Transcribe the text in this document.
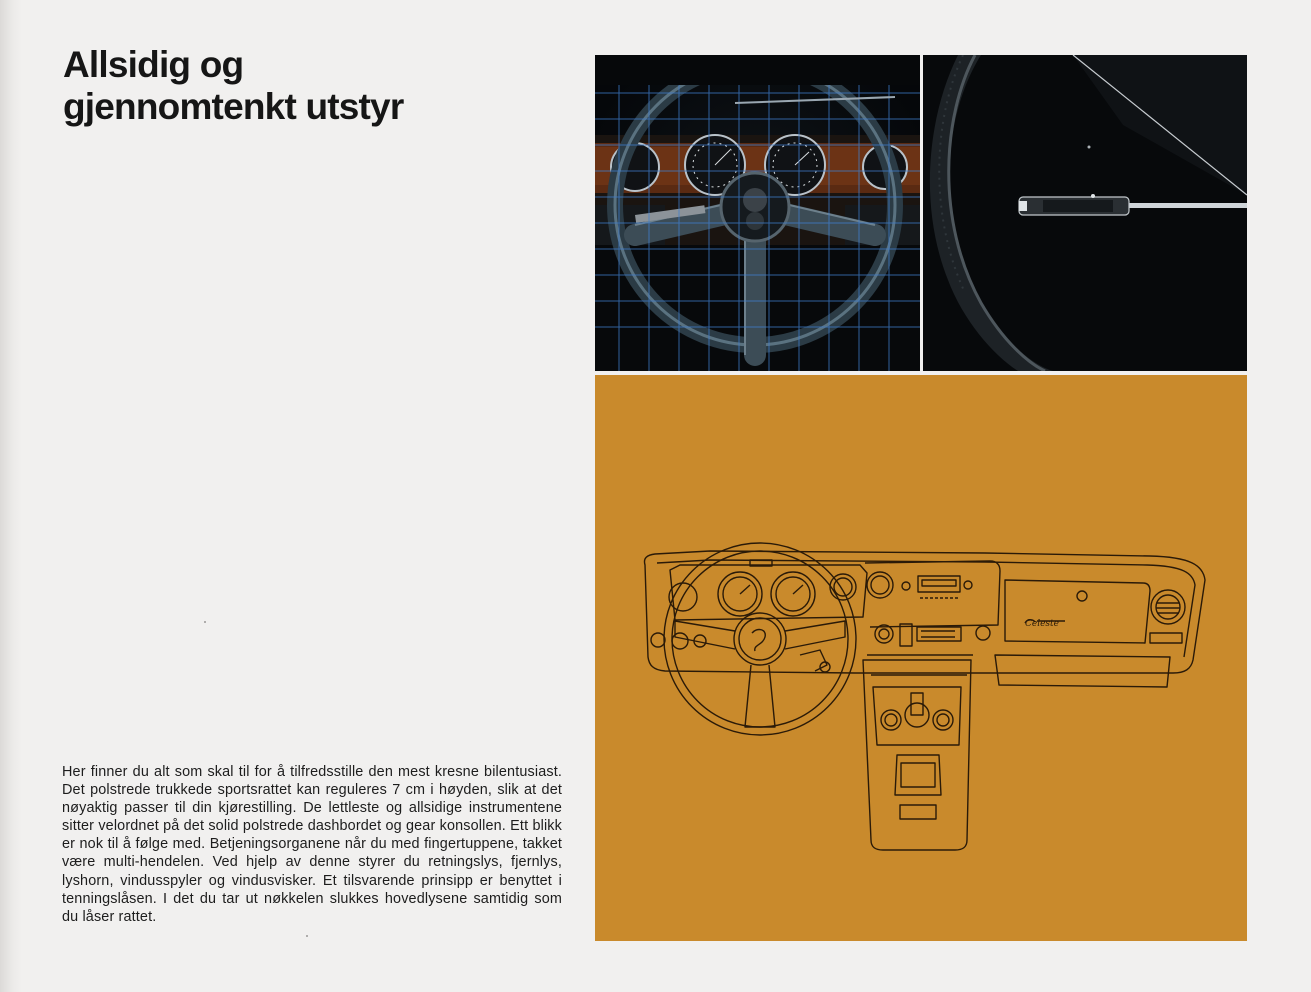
Allsidig og
gjennomtenkt utstyr

Her finner du alt som skal til for å tilfredsstille den mest kresne bilentusiast. Det polstrede trukkede sportsrattet kan reguleres 7 cm i høyden, slik at det nøyaktig passer til din kjørestilling. De lettleste og allsidige instrumentene sitter velordnet på det solid polstrede dashbordet og gear konsollen. Ett blikk er nok til å følge med. Betjeningsorganene når du med fingertuppene, takket være multi-hendelen. Ved hjelp av denne styrer du retningslys, fjernlys, lyshorn, vindusspyler og vindusvisker. Et tilsvarende prinsipp er benyttet i tenningslåsen. I det du tar ut nøkkelen slukkes hovedlysene samtidig som du låser rattet.

Celeste
